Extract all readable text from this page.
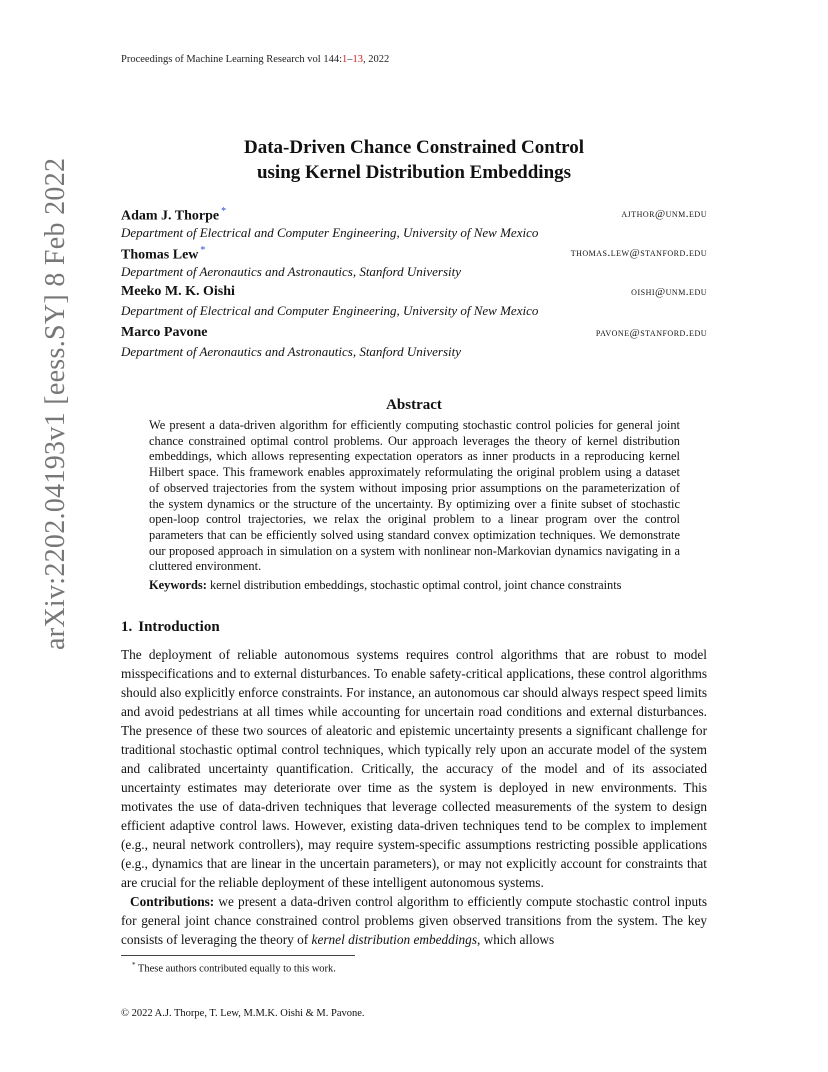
Proceedings of Machine Learning Research vol 144:1–13, 2022
Data-Driven Chance Constrained Control
using Kernel Distribution Embeddings
Adam J. Thorpe *	ajthor@unm.edu
Department of Electrical and Computer Engineering, University of New Mexico
Thomas Lew *	thomas.lew@stanford.edu
Department of Aeronautics and Astronautics, Stanford University
Meeko M. K. Oishi	oishi@unm.edu
Department of Electrical and Computer Engineering, University of New Mexico
Marco Pavone	pavone@stanford.edu
Department of Aeronautics and Astronautics, Stanford University
arXiv:2202.04193v1 [eess.SY] 8 Feb 2022	Abstract
We present a data-driven algorithm for efficiently computing stochastic control policies for general joint chance constrained optimal control problems. Our approach leverages the theory of kernel distribution embeddings, which allows representing expectation operators as inner products in a reproducing kernel Hilbert space. This framework enables approximately reformulating the original problem using a dataset of observed trajectories from the system without imposing prior assumptions on the parameterization of the system dynamics or the structure of the uncertainty. By optimizing over a finite subset of stochastic open-loop control trajectories, we relax the original problem to a linear program over the control parameters that can be efficiently solved using standard convex optimization techniques. We demonstrate our proposed approach in simulation on a system with nonlinear non-Markovian dynamics navigating in a cluttered environment.
Keywords: kernel distribution embeddings, stochastic optimal control, joint chance constraints
1. Introduction

The deployment of reliable autonomous systems requires control algorithms that are robust to model misspecifications and to external disturbances. To enable safety-critical applications, these control algorithms should also explicitly enforce constraints. For instance, an autonomous car should always respect speed limits and avoid pedestrians at all times while accounting for uncertain road conditions and external disturbances. The presence of these two sources of aleatoric and epistemic uncertainty presents a significant challenge for traditional stochastic optimal control techniques, which typically rely upon an accurate model of the system and calibrated uncertainty quantification. Critically, the accuracy of the model and of its associated uncertainty estimates may deteriorate over time as the system is deployed in new environments. This motivates the use of data-driven techniques that leverage collected measurements of the system to design efficient adaptive control laws. However, existing data-driven techniques tend to be complex to implement (e.g., neural network controllers), may require system-specific assumptions restricting possible applications (e.g., dynamics that are linear in the uncertain parameters), or may not explicitly account for constraints that are crucial for the reliable deployment of these intelligent autonomous systems.

Contributions: we present a data-driven control algorithm to efficiently compute stochastic control inputs for general joint chance constrained control problems given observed transitions from the system. The key consists of leveraging the theory of kernel distribution embeddings, which allows

* These authors contributed equally to this work.
© 2022 A.J. Thorpe, T. Lew, M.M.K. Oishi & M. Pavone.
